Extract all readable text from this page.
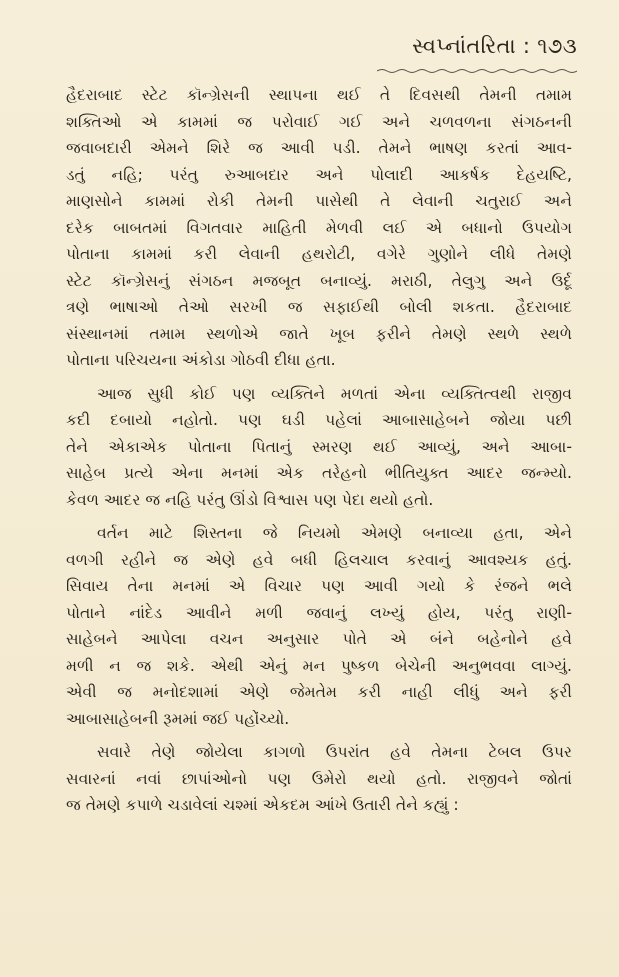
સ્વપ્નાંતરિતા : ૧૭૩
હૈદરાબાદ સ્ટેટ કૉન્ગ્રેસની સ્થાપના થઈ તે દિવસથી તેમની તમામ
શક્તિઓ એ કામમાં જ પરોવાઈ ગઈ અને ચળવળના સંગઠનની
જવાબદારી એમને શિરે જ આવી પડી. તેમને ભાષણ કરતાં આવ-
ડતું નહિ; પરંતુ રુઆબદાર અને પોલાદી આકર્ષક દેહયષ્ટિ,
માણસોને કામમાં રોકી તેમની પાસેથી તે લેવાની ચતુરાઈ અને
દરેક બાબતમાં વિગતવાર માહિતી મેળવી લઈ એ બધાનો ઉપયોગ
પોતાના કામમાં કરી લેવાની હથરોટી, વગેરે ગુણોને લીધે તેમણે
સ્ટેટ કૉન્ગ્રેસનું સંગઠન મજબૂત બનાવ્યું. મરાઠી, તેલુગુ અને ઉર્દૂ
ત્રણે ભાષાઓ તેઓ સરખી જ સફાઈથી બોલી શકતા. હૈદરાબાદ
સંસ્થાનમાં તમામ સ્થળોએ જાતે ખૂબ ફરીને તેમણે સ્થળે સ્થળે
પોતાના પરિચયના અંકોડા ગોઠવી દીધા હતા.
આજ સુધી કોઈ પણ વ્યક્તિને મળતાં એના વ્યક્તિત્વથી રાજીવ
કદી દબાયો નહોતો. પણ ઘડી પહેલાં આબાસાહેબને જોયા પછી
તેને એકાએક પોતાના પિતાનું સ્મરણ થઈ આવ્યું, અને આબા-
સાહેબ પ્રત્યે એના મનમાં એક તરેહનો ભીતિયુક્ત આદર જન્મ્યો.
કેવળ આદર જ નહિ પરંતુ ઊંડો વિશ્વાસ પણ પેદા થયો હતો.
વર્તન માટે શિસ્તના જે નિયમો એમણે બનાવ્યા હતા, એને
વળગી રહીને જ એણે હવે બધી હિલચાલ કરવાનું આવશ્યક હતું.
સિવાય તેના મનમાં એ વિચાર પણ આવી ગયો કે રંજને ભલે
પોતાને નાંદેડ આવીને મળી જવાનું લખ્યું હોય, પરંતુ રાણી-
સાહેબને આપેલા વચન અનુસાર પોતે એ બંને બહેનોને હવે
મળી ન જ શકે. એથી એનું મન પુષ્કળ બેચેની અનુભવવા લાગ્યું.
એવી જ મનોદશામાં એણે જેમતેમ કરી નાહી લીધું અને ફરી
આબાસાહેબની રૂમમાં જઈ પહોંચ્યો.
સવારે તેણે જોયેલા કાગળો ઉપરાંત હવે તેમના ટેબલ ઉપર
સવારનાં નવાં છાપાંઓનો પણ ઉમેરો થયો હતો. રાજીવને જોતાં
જ તેમણે કપાળે ચડાવેલાં ચશ્માં એકદમ આંખે ઉતારી તેને કહ્યું :
